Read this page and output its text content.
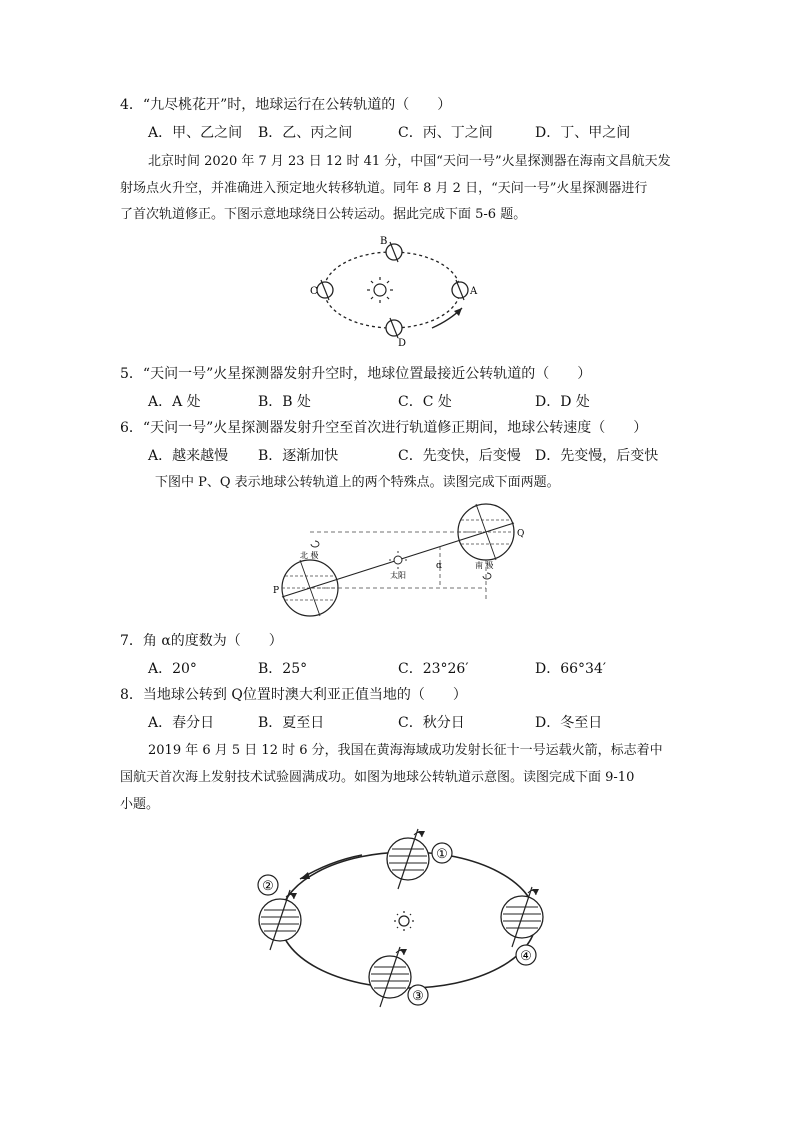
4．“九尽桃花开”时，地球运行在公转轨道的（　　）
A．甲、乙之间 B．乙、丙之间	C．丙、丁之间	D．丁、甲之间
北京时间 2020 年 7 月 23 日 12 时 41 分，中国“天问一号”火星探测器在海南文昌航天发
射场点火升空，并准确进入预定地火转移轨道。同年 8 月 2 日，“天问一号”火星探测器进行
了首次轨道修正。下图示意地球绕日公转运动。据此完成下面 5-6 题。
B
C	A
D
5．“天问一号”火星探测器发射升空时，地球位置最接近公转轨道的（　　）
A．A 处	B．B 处	C．C 处	D．D 处
6．“天问一号”火星探测器发射升空至首次进行轨道修正期间，地球公转速度（　　）
A．越来越慢 B．逐渐加快	C．先变快，后变慢 D．先变慢，后变快
下图中 P、Q 表示地球公转轨道上的两个特殊点。读图完成下面两题。
太阳
北 极
南 极
α
P
Q
7．角 α的度数为（　　）
A．20°	B．25°	C．23°26′	D．66°34′
8．当地球公转到 Q位置时澳大利亚正值当地的（　　）
A．春分日	B．夏至日	C．秋分日	D．冬至日
2019 年 6 月 5 日 12 时 6 分，我国在黄海海域成功发射长征十一号运载火箭，标志着中
国航天首次海上发射技术试验圆满成功。如图为地球公转轨道示意图。读图完成下面 9-10
小题。
①
②
③
④
